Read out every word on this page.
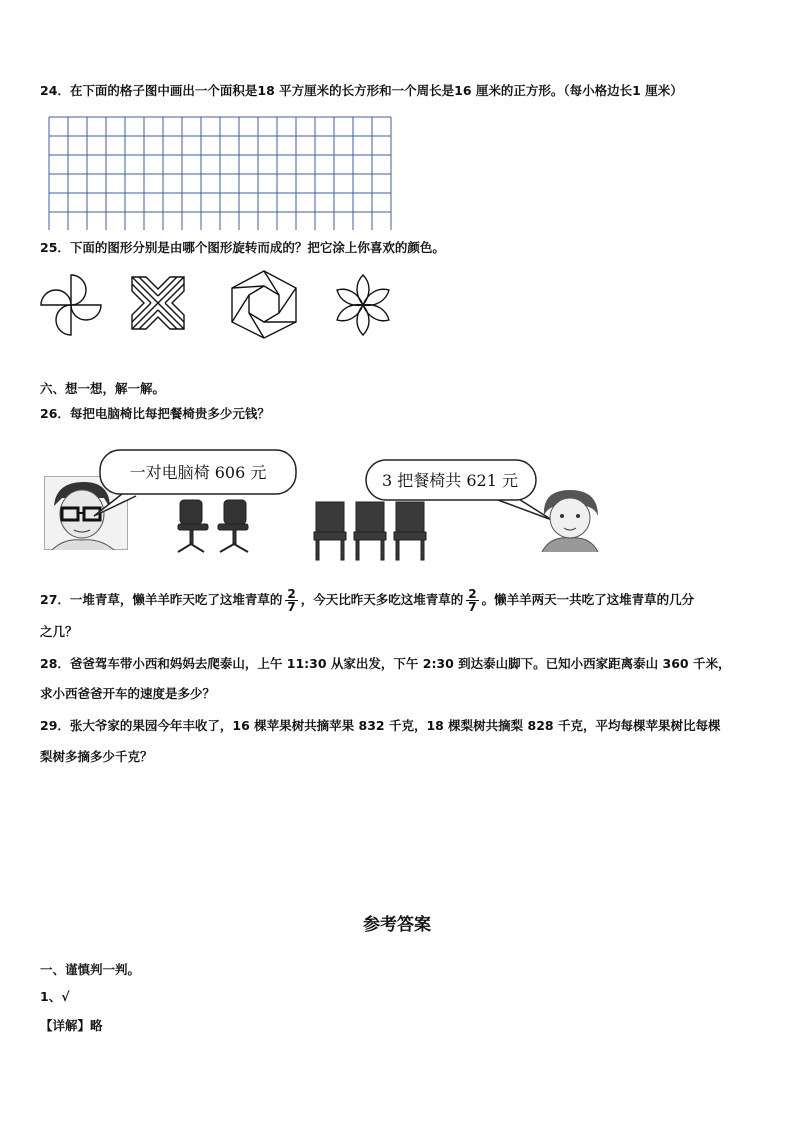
24．在下面的格子图中画出一个面积是18 平方厘米的长方形和一个周长是16 厘米的正方形。（每小格边长1 厘米）
25．下面的图形分别是由哪个图形旋转而成的？把它涂上你喜欢的颜色。
六、想一想，解一解。
26．每把电脑椅比每把餐椅贵多少元钱？
一对电脑椅 606 元	3 把餐椅共 621 元
27．一堆青草，懒羊羊昨天吃了这堆青草的 $\frac{2}{7}$ ，今天比昨天多吃这堆青草的 $\frac{2}{7}$ 。懒羊羊两天一共吃了这堆青草的几分
之几？
28．爸爸驾车带小西和妈妈去爬泰山，上午 11:30 从家出发，下午 2:30 到达泰山脚下。已知小西家距离泰山 360 千米，
求小西爸爸开车的速度是多少？
29．张大爷家的果园今年丰收了，16 棵苹果树共摘苹果 832 千克，18 棵梨树共摘梨 828 千克，平均每棵苹果树比每棵
梨树多摘多少千克？
参考答案
一、谨慎判一判。
1、√
【详解】略
